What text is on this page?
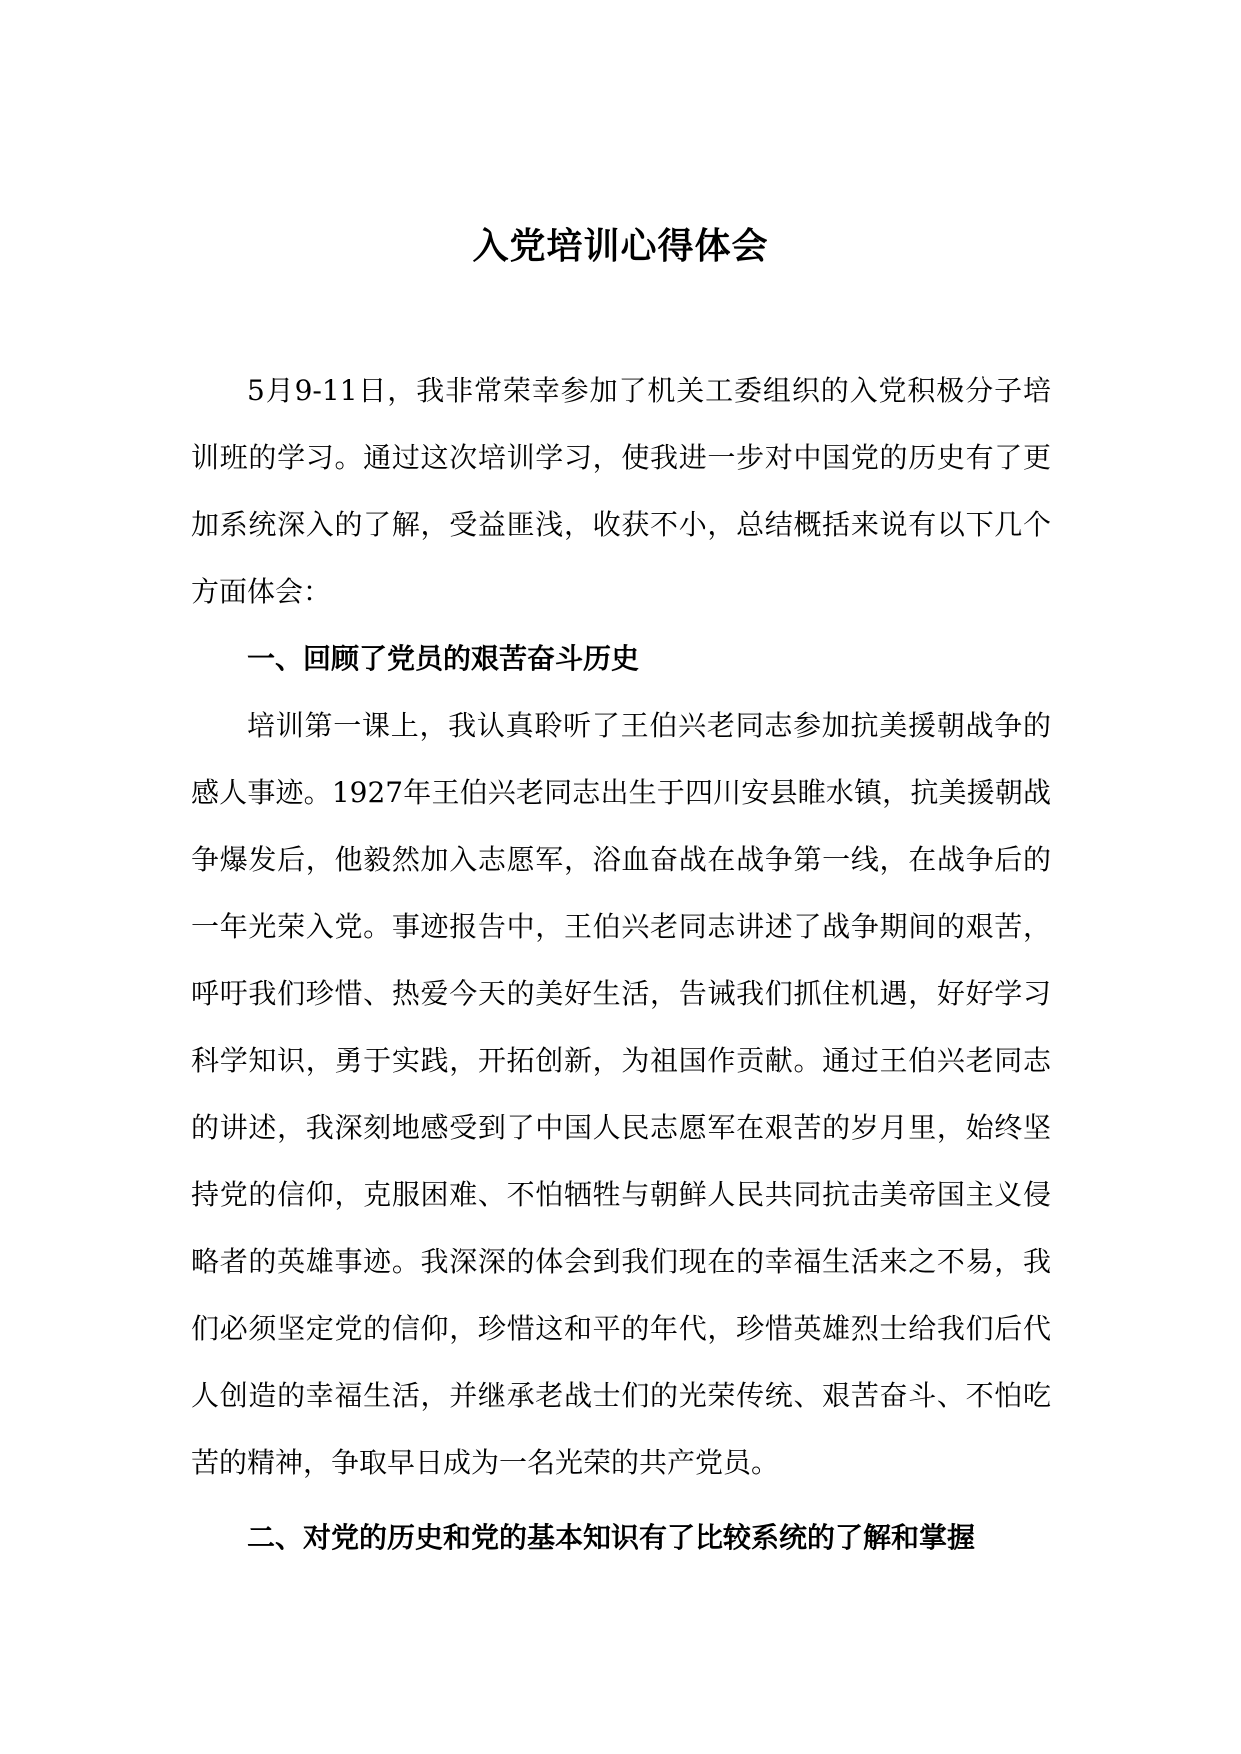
入党培训心得体会

5月9-11日，我非常荣幸参加了机关工委组织的入党积极分子培训班的学习。通过这次培训学习，使我进一步对中国党的历史有了更加系统深入的了解，受益匪浅，收获不小，总结概括来说有以下几个方面体会：

一、回顾了党员的艰苦奋斗历史

培训第一课上，我认真聆听了王伯兴老同志参加抗美援朝战争的感人事迹。1927年王伯兴老同志出生于四川安县睢水镇，抗美援朝战争爆发后，他毅然加入志愿军，浴血奋战在战争第一线，在战争后的一年光荣入党。事迹报告中，王伯兴老同志讲述了战争期间的艰苦，呼吁我们珍惜、热爱今天的美好生活，告诫我们抓住机遇，好好学习科学知识，勇于实践，开拓创新，为祖国作贡献。通过王伯兴老同志的讲述，我深刻地感受到了中国人民志愿军在艰苦的岁月里，始终坚持党的信仰，克服困难、不怕牺牲与朝鲜人民共同抗击美帝国主义侵略者的英雄事迹。我深深的体会到我们现在的幸福生活来之不易，我们必须坚定党的信仰，珍惜这和平的年代，珍惜英雄烈士给我们后代人创造的幸福生活，并继承老战士们的光荣传统、艰苦奋斗、不怕吃苦的精神，争取早日成为一名光荣的共产党员。

二、对党的历史和党的基本知识有了比较系统的了解和掌握
